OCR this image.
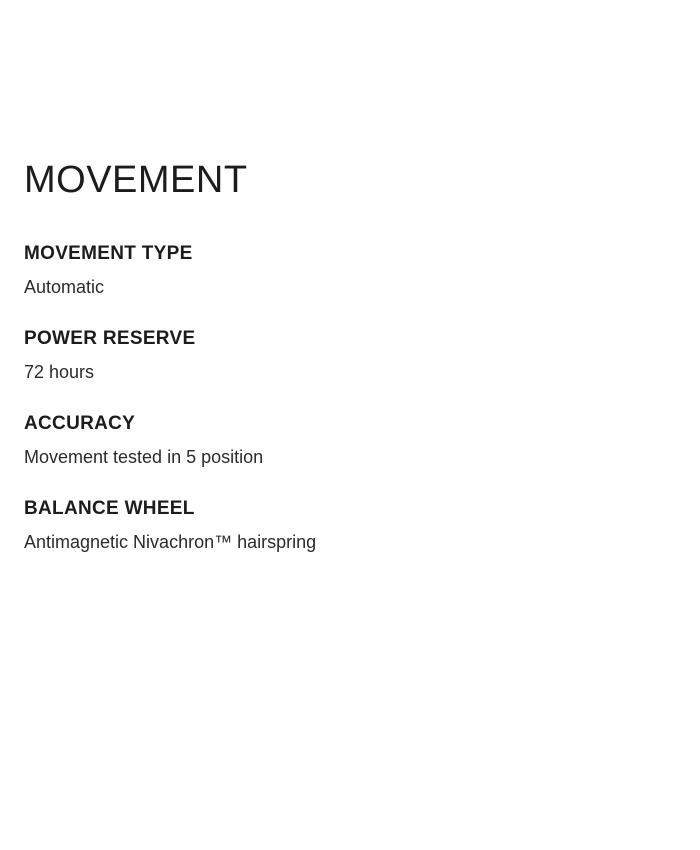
MOVEMENT
MOVEMENT TYPE
Automatic
POWER RESERVE
72 hours
ACCURACY
Movement tested in 5 position
BALANCE WHEEL
Antimagnetic Nivachron™ hairspring
